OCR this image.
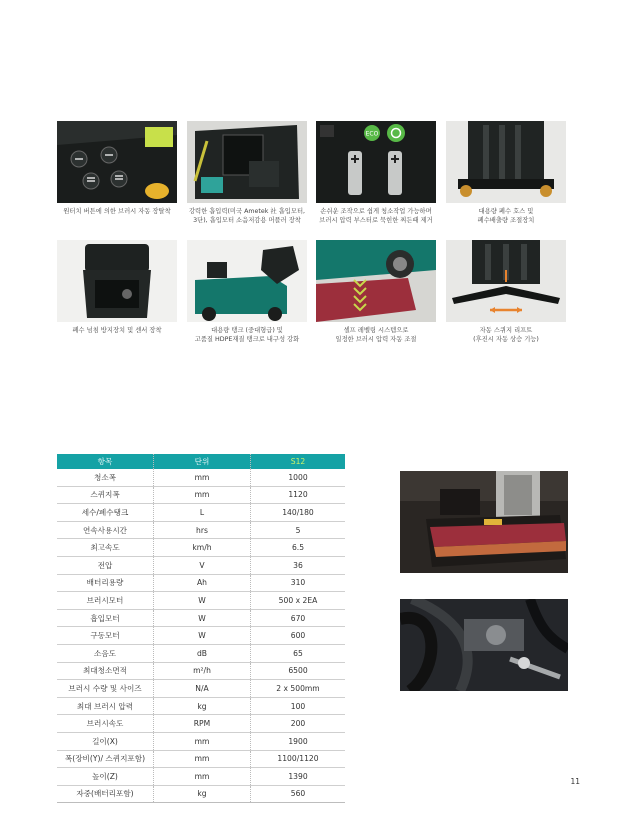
ECO
원터치 버튼에 의한 브러시 자동 장탈착	강력한 흡입력(미국 Ametek 社 흡입모터,
3단), 흡입모터 소음저감용 머플러 장착
손쉬운 조작으로 쉽게 청소작업 가능하며
브러시 압력 부스터로 묵힌한 찌든때 제거
대용량 폐수 호스 및
폐수배출량 조절장치
폐수 넘침 방지장치 및 센서 장착	대용량 탱크 (중대형급) 및
고품질 HDPE재질 탱크로 내구성 강화
셀프 레벨링 시스템으로
일정한 브러시 압력 자동 조절
자동 스퀴지 리프트
(후진시 자동 상승 기능)
항목	단위	S12
청소폭	mm	1000
스퀴지폭	mm	1120
세수/폐수탱크	L	140/180
연속사용시간	hrs	5
최고속도	km/h	6.5
전압	V	36
배터리용량	Ah	310
브러시모터	W	500 x 2EA
흡입모터	W	670
구동모터	W	600
소음도	dB	65
최대청소면적	m²/h	6500
브러시 수량 및 사이즈	N/A	2 x 500mm
최대 브러시 압력	kg	100
브러시속도	RPM	200
길이(X)	mm	1900
폭(장비(Y)/ 스퀴지포함)	mm	1100/1120
높이(Z)	mm	1390
자중(배터리포함)	kg	560
11
